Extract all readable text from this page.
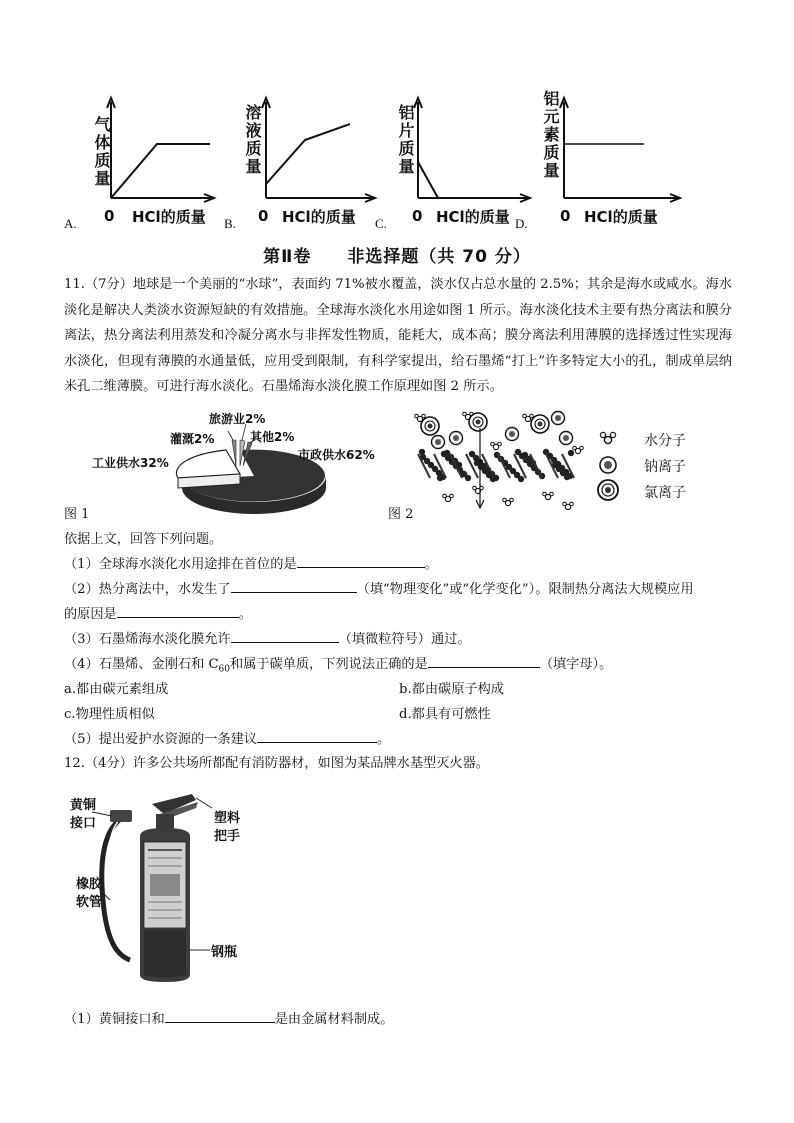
气体质量
0 HCl的质量
A.
溶液质量
0 HCl的质量
B.
铝片质量
0 HCl的质量
C.
铝元素质量
0 HCl的质量
D.
第Ⅱ卷　　非选择题（共 70 分）
11.（7分）地球是一个美丽的“水球”，表面约 71%被水覆盖，淡水仅占总水量的 2.5%；其余是海水或咸水。海水淡化是解决人类淡水资源短缺的有效措施。全球海水淡化水用途如图 1 所示。海水淡化技术主要有热分离法和膜分离法，热分离法利用蒸发和冷凝分离水与非挥发性物质，能耗大，成本高；膜分离法利用薄膜的选择透过性实现海水淡化，但现有薄膜的水通量低，应用受到限制，有科学家提出，给石墨烯“打上”许多特定大小的孔，制成单层纳米孔二维薄膜。可进行海水淡化。石墨烯海水淡化膜工作原理如图 2 所示。
旅游业2%
灌溉2%	其他2%
工业供水32%
市政供水62%
图 1	图 2
水分子
钠离子
氯离子
依据上文，回答下列问题。
（1）全球海水淡化水用途排在首位的是	。
（2）热分离法中，水发生了	（填“物理变化”或“化学变化”）。限制热分离法大规模应用
的原因是	。
（3）石墨烯海水淡化膜允许	（填微粒符号）通过。
（4）石墨烯、金刚石和 $C_{60}$和属于碳单质，下列说法正确的是	（填字母）。
a.都由碳元素组成	b.都由碳原子构成
c.物理性质相似	d.都具有可燃性
（5）提出爱护水资源的一条建议	。
12.（4分）许多公共场所都配有消防器材，如图为某品牌水基型灭火器。
黄铜
接口	塑料
把手
橡胶
软管
钢瓶
（1）黄铜接口和	是由金属材料制成。
